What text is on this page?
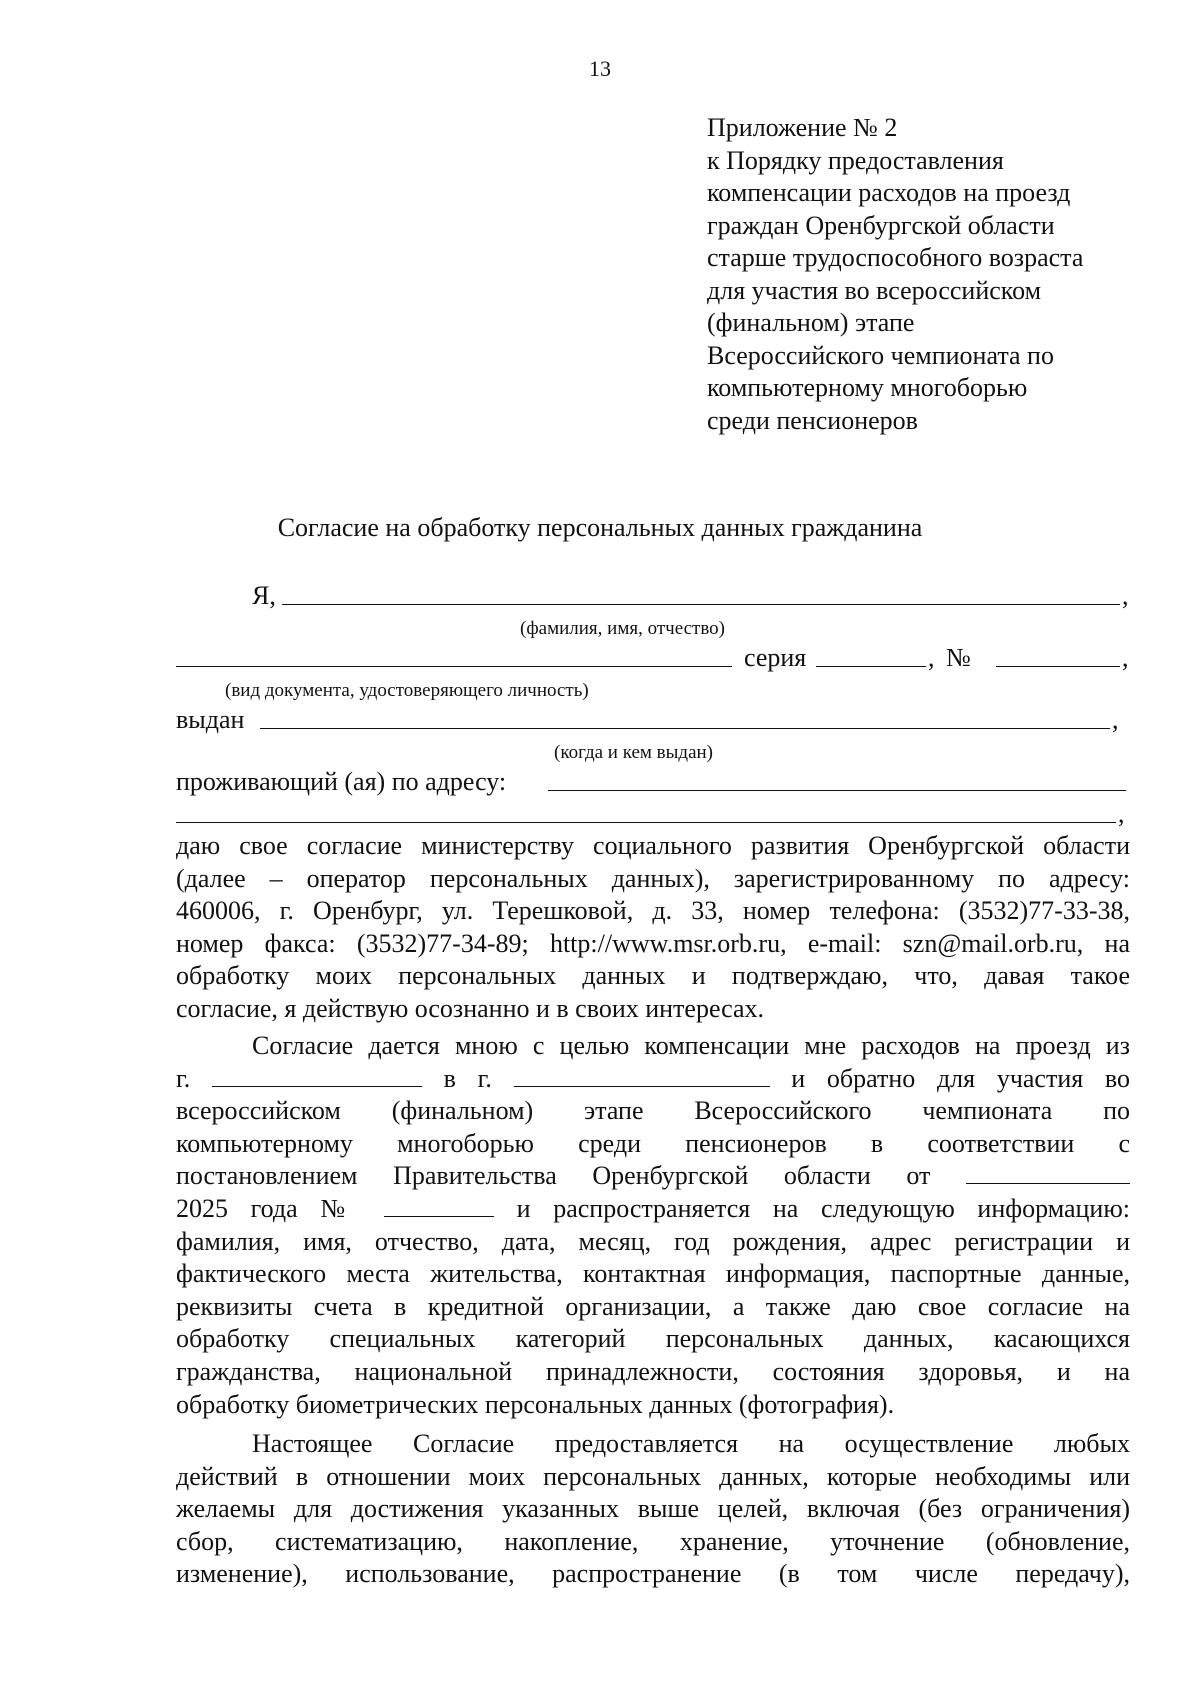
13
Приложение № 2
к Порядку предоставления
компенсации расходов на проезд
граждан Оренбургской области
старше трудоспособного возраста
для участия во всероссийском
(финальном) этапе
Всероссийского чемпионата по
компьютерному многоборью
среди пенсионеров
Согласие на обработку персональных данных гражданина
Я,	,
(фамилия, имя, отчество)
серия	, №	,
(вид документа, удостоверяющего личность)
выдан	,
(когда и кем выдан)
проживающий (ая) по адресу:
,
даю свое согласие министерству социального развития Оренбургской области
(далее – оператор персональных данных), зарегистрированному по адресу:
460006, г. Оренбург, ул. Терешковой, д. 33, номер телефона: (3532)77-33-38,
номер факса: (3532)77-34-89; http://www.msr.orb.ru, e-mail: szn@mail.orb.ru, на
обработку моих персональных данных и подтверждаю, что, давая такое
согласие, я действую осознанно и в своих интересах.
Согласие дается мною с целью компенсации мне расходов на проезд из
г.	в г.	и обратно для участия во
всероссийском (финальном) этапе Всероссийского чемпионата по
компьютерному многоборью среди пенсионеров в соответствии с
постановлением Правительства Оренбургской области от
2025 года №	и распространяется на следующую информацию:
фамилия, имя, отчество, дата, месяц, год рождения, адрес регистрации и
фактического места жительства, контактная информация, паспортные данные,
реквизиты счета в кредитной организации, а также даю свое согласие на
обработку специальных категорий персональных данных, касающихся
гражданства, национальной принадлежности, состояния здоровья, и на
обработку биометрических персональных данных (фотография).
Настоящее Согласие предоставляется на осуществление любых
действий в отношении моих персональных данных, которые необходимы или
желаемы для достижения указанных выше целей, включая (без ограничения)
сбор, систематизацию, накопление, хранение, уточнение (обновление,
изменение), использование, распространение (в том числе передачу),
